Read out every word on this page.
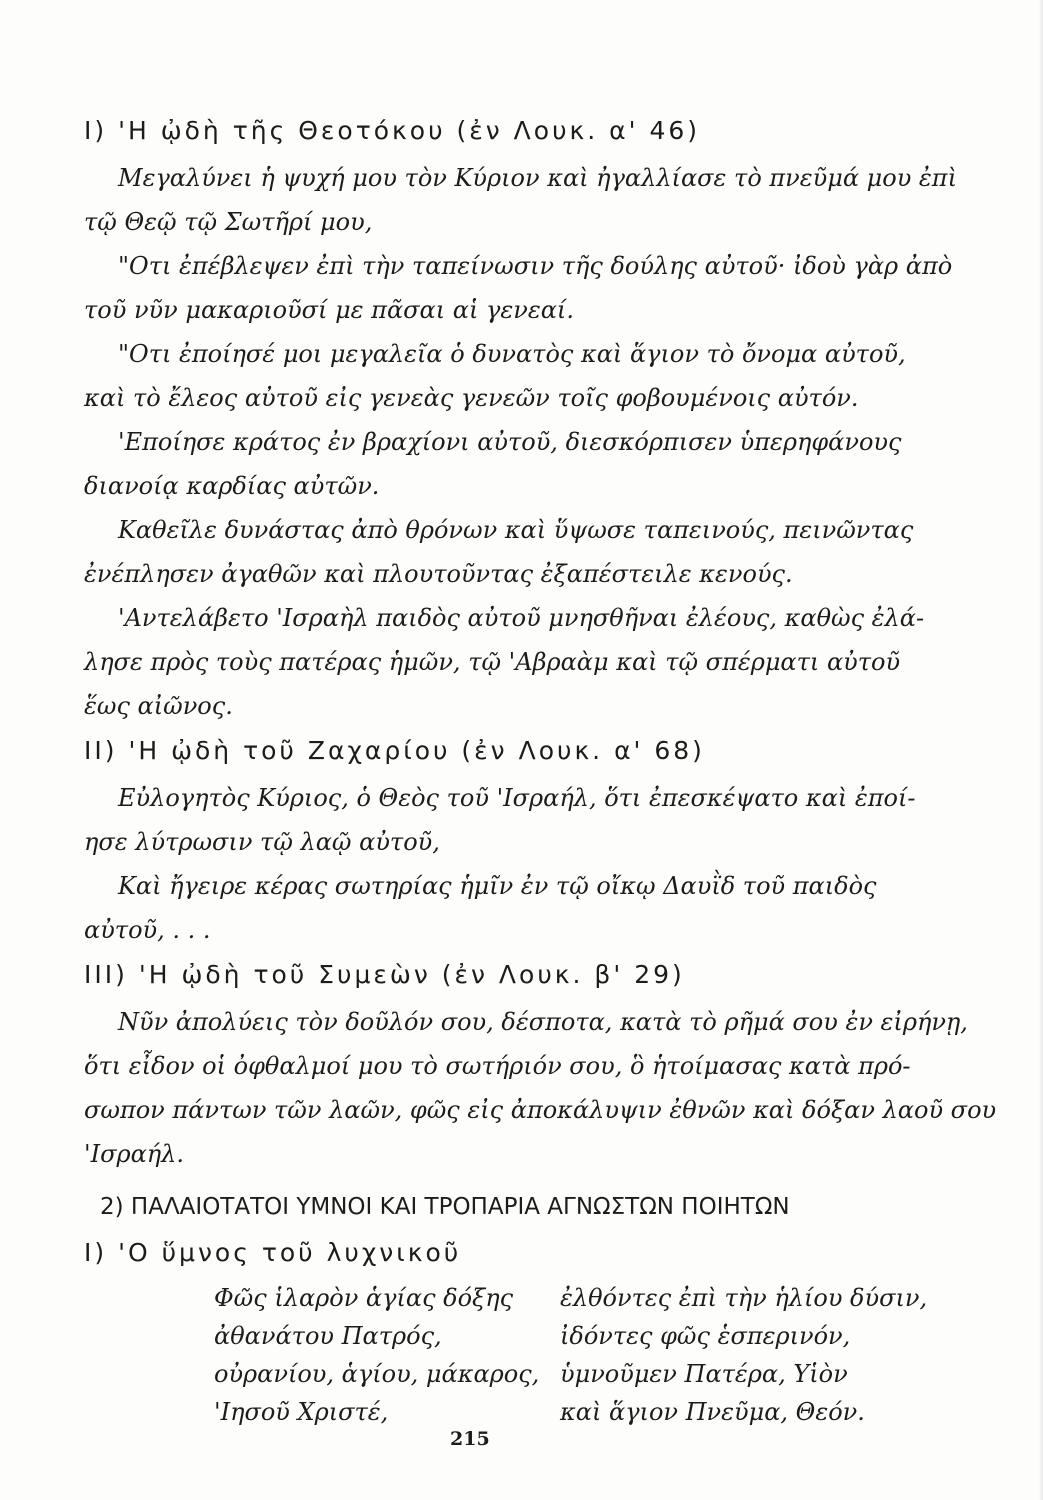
I) 'Η ᾠδὴ τῆς Θεοτόκου (ἐν Λουκ. α' 46)
Μεγαλύνει ἡ ψυχή μου τὸν Κύριον καὶ ἠγαλλίασε τὸ πνεῦμά μου ἐπὶ
τῷ Θεῷ τῷ Σωτῆρί μου,
"Οτι ἐπέβλεψεν ἐπὶ τὴν ταπείνωσιν τῆς δούλης αὐτοῦ· ἰδοὺ γὰρ ἀπὸ
τοῦ νῦν μακαριοῦσί με πᾶσαι αἱ γενεαί.
"Οτι ἐποίησέ μοι μεγαλεῖα ὁ δυνατὸς καὶ ἅγιον τὸ ὄνομα αὐτοῦ,
καὶ τὸ ἔλεος αὐτοῦ εἰς γενεὰς γενεῶν τοῖς φοβουμένοις αὐτόν.
'Εποίησε κράτος ἐν βραχίονι αὐτοῦ, διεσκόρπισεν ὑπερηφάνους
διανοίᾳ καρδίας αὐτῶν.
Καθεῖλε δυνάστας ἀπὸ θρόνων καὶ ὕψωσε ταπεινούς, πεινῶντας
ἐνέπλησεν ἀγαθῶν καὶ πλουτοῦντας ἐξαπέστειλε κενούς.
'Αντελάβετο 'Ισραὴλ παιδὸς αὐτοῦ μνησθῆναι ἐλέους, καθὼς ἐλά-
λησε πρὸς τοὺς πατέρας ἡμῶν, τῷ 'Αβραὰμ καὶ τῷ σπέρματι αὐτοῦ
ἕως αἰῶνος.
II) 'Η ᾠδὴ τοῦ Ζαχαρίου (ἐν Λουκ. α' 68)
Εὐλογητὸς Κύριος, ὁ Θεὸς τοῦ 'Ισραήλ, ὅτι ἐπεσκέψατο καὶ ἐποί-
ησε λύτρωσιν τῷ λαῷ αὐτοῦ,
Καὶ ἤγειρε κέρας σωτηρίας ἡμῖν ἐν τῷ οἴκῳ Δαυῒδ τοῦ παιδὸς
αὐτοῦ, . . .
III) 'Η ᾠδὴ τοῦ Συμεὼν (ἐν Λουκ. β' 29)
Νῦν ἀπολύεις τὸν δοῦλόν σου, δέσποτα, κατὰ τὸ ρῆμά σου ἐν εἰρήνῃ,
ὅτι εἶδον οἱ ὀφθαλμοί μου τὸ σωτήριόν σου, ὃ ἡτοίμασας κατὰ πρό-
σωπον πάντων τῶν λαῶν, φῶς εἰς ἀποκάλυψιν ἐθνῶν καὶ δόξαν λαοῦ σου
'Ισραήλ.
2) ΠΑΛΑΙΟΤΑΤΟΙ ΥΜΝΟΙ ΚΑΙ ΤΡΟΠΑΡΙΑ ΑΓΝΩΣΤΩΝ ΠΟΙΗΤΩΝ
I) 'Ο ὕμνος τοῦ λυχνικοῦ
Φῶς ἱλαρὸν ἁγίας δόξης
ἀθανάτου Πατρός,
οὐρανίου, ἁγίου, μάκαρος,
'Ιησοῦ Χριστέ,
ἐλθόντες ἐπὶ τὴν ἡλίου δύσιν,
ἰδόντες φῶς ἑσπερινόν,
ὑμνοῦμεν Πατέρα, Υἱὸν
καὶ ἅγιον Πνεῦμα, Θεόν.
215
